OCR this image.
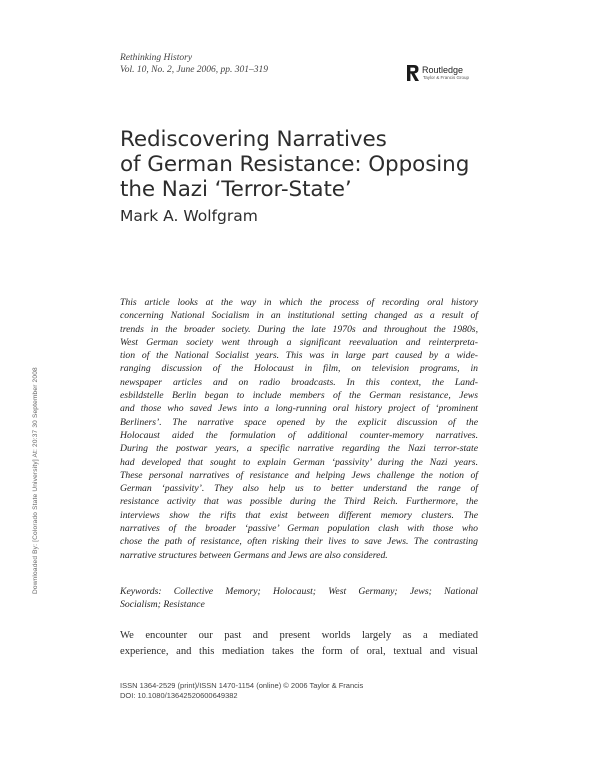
Rethinking History
Vol. 10, No. 2, June 2006, pp. 301–319	Routledge
Taylor & Francis Group
Rediscovering Narratives
of German Resistance: Opposing
the Nazi ‘Terror-State’
Mark A. Wolfgram
Downloaded By: [Colorado State University] At: 20:37 30 September 2008
This article looks at the way in which the process of recording oral history
concerning National Socialism in an institutional setting changed as a result of
trends in the broader society. During the late 1970s and throughout the 1980s,
West German society went through a significant reevaluation and reinterpreta-
tion of the National Socialist years. This was in large part caused by a wide-
ranging discussion of the Holocaust in film, on television programs, in
newspaper articles and on radio broadcasts. In this context, the Land-
esbildstelle Berlin began to include members of the German resistance, Jews
and those who saved Jews into a long-running oral history project of ‘prominent
Berliners’. The narrative space opened by the explicit discussion of the
Holocaust aided the formulation of additional counter-memory narratives.
During the postwar years, a specific narrative regarding the Nazi terror-state
had developed that sought to explain German ‘passivity’ during the Nazi years.
These personal narratives of resistance and helping Jews challenge the notion of
German ‘passivity’. They also help us to better understand the range of
resistance activity that was possible during the Third Reich. Furthermore, the
interviews show the rifts that exist between different memory clusters. The
narratives of the broader ‘passive’ German population clash with those who
chose the path of resistance, often risking their lives to save Jews. The contrasting
narrative structures between Germans and Jews are also considered.
Keywords: Collective Memory; Holocaust; West Germany; Jews; National
Socialism; Resistance
We encounter our past and present worlds largely as a mediated
experience, and this mediation takes the form of oral, textual and visual
ISSN 1364-2529 (print)/ISSN 1470-1154 (online) © 2006 Taylor & Francis
DOI: 10.1080/13642520600649382
